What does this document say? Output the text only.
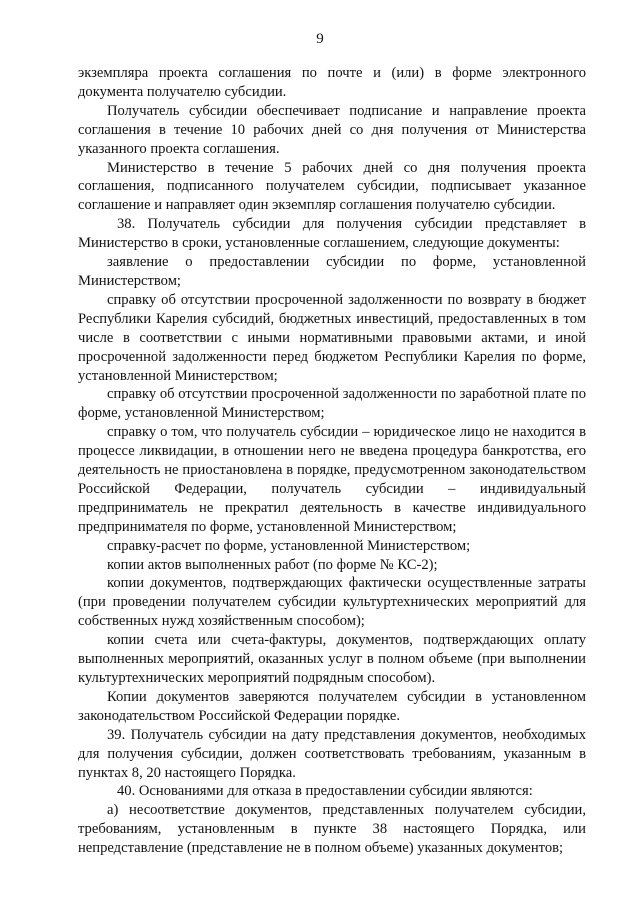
9

экземпляра проекта соглашения по почте и (или) в форме электронного документа получателю субсидии.

Получатель субсидии обеспечивает подписание и направление проекта соглашения в течение 10 рабочих дней со дня получения от Министерства указанного проекта соглашения.

Министерство в течение 5 рабочих дней со дня получения проекта соглашения, подписанного получателем субсидии, подписывает указанное соглашение и направляет один экземпляр соглашения получателю субсидии.

38. Получатель субсидии для получения субсидии представляет в Министерство в сроки, установленные соглашением, следующие документы:

заявление о предоставлении субсидии по форме, установленной Министерством;

справку об отсутствии просроченной задолженности по возврату в бюджет Республики Карелия субсидий, бюджетных инвестиций, предоставленных в том числе в соответствии с иными нормативными правовыми актами, и иной просроченной задолженности перед бюджетом Республики Карелия по форме, установленной Министерством;

справку об отсутствии просроченной задолженности по заработной плате по форме, установленной Министерством;

справку о том, что получатель субсидии – юридическое лицо не находится в процессе ликвидации, в отношении него не введена процедура банкротства, его деятельность не приостановлена в порядке, предусмотренном законодательством Российской Федерации, получатель субсидии – индивидуальный предприниматель не прекратил деятельность в качестве индивидуального предпринимателя по форме, установленной Министерством;

справку-расчет по форме, установленной Министерством;

копии актов выполненных работ (по форме № КС-2);

копии документов, подтверждающих фактически осуществленные затраты (при проведении получателем субсидии культуртехнических мероприятий для собственных нужд хозяйственным способом);

копии счета или счета-фактуры, документов, подтверждающих оплату выполненных мероприятий, оказанных услуг в полном объеме (при выполнении культуртехнических мероприятий подрядным способом).

Копии документов заверяются получателем субсидии в установленном законодательством Российской Федерации порядке.

39. Получатель субсидии на дату представления документов, необходимых для получения субсидии, должен соответствовать требованиям, указанным в пунктах 8, 20 настоящего Порядка.

40. Основаниями для отказа в предоставлении субсидии являются:

а) несоответствие документов, представленных получателем субсидии, требованиям, установленным в пункте 38 настоящего Порядка, или непредставление (представление не в полном объеме) указанных документов;
